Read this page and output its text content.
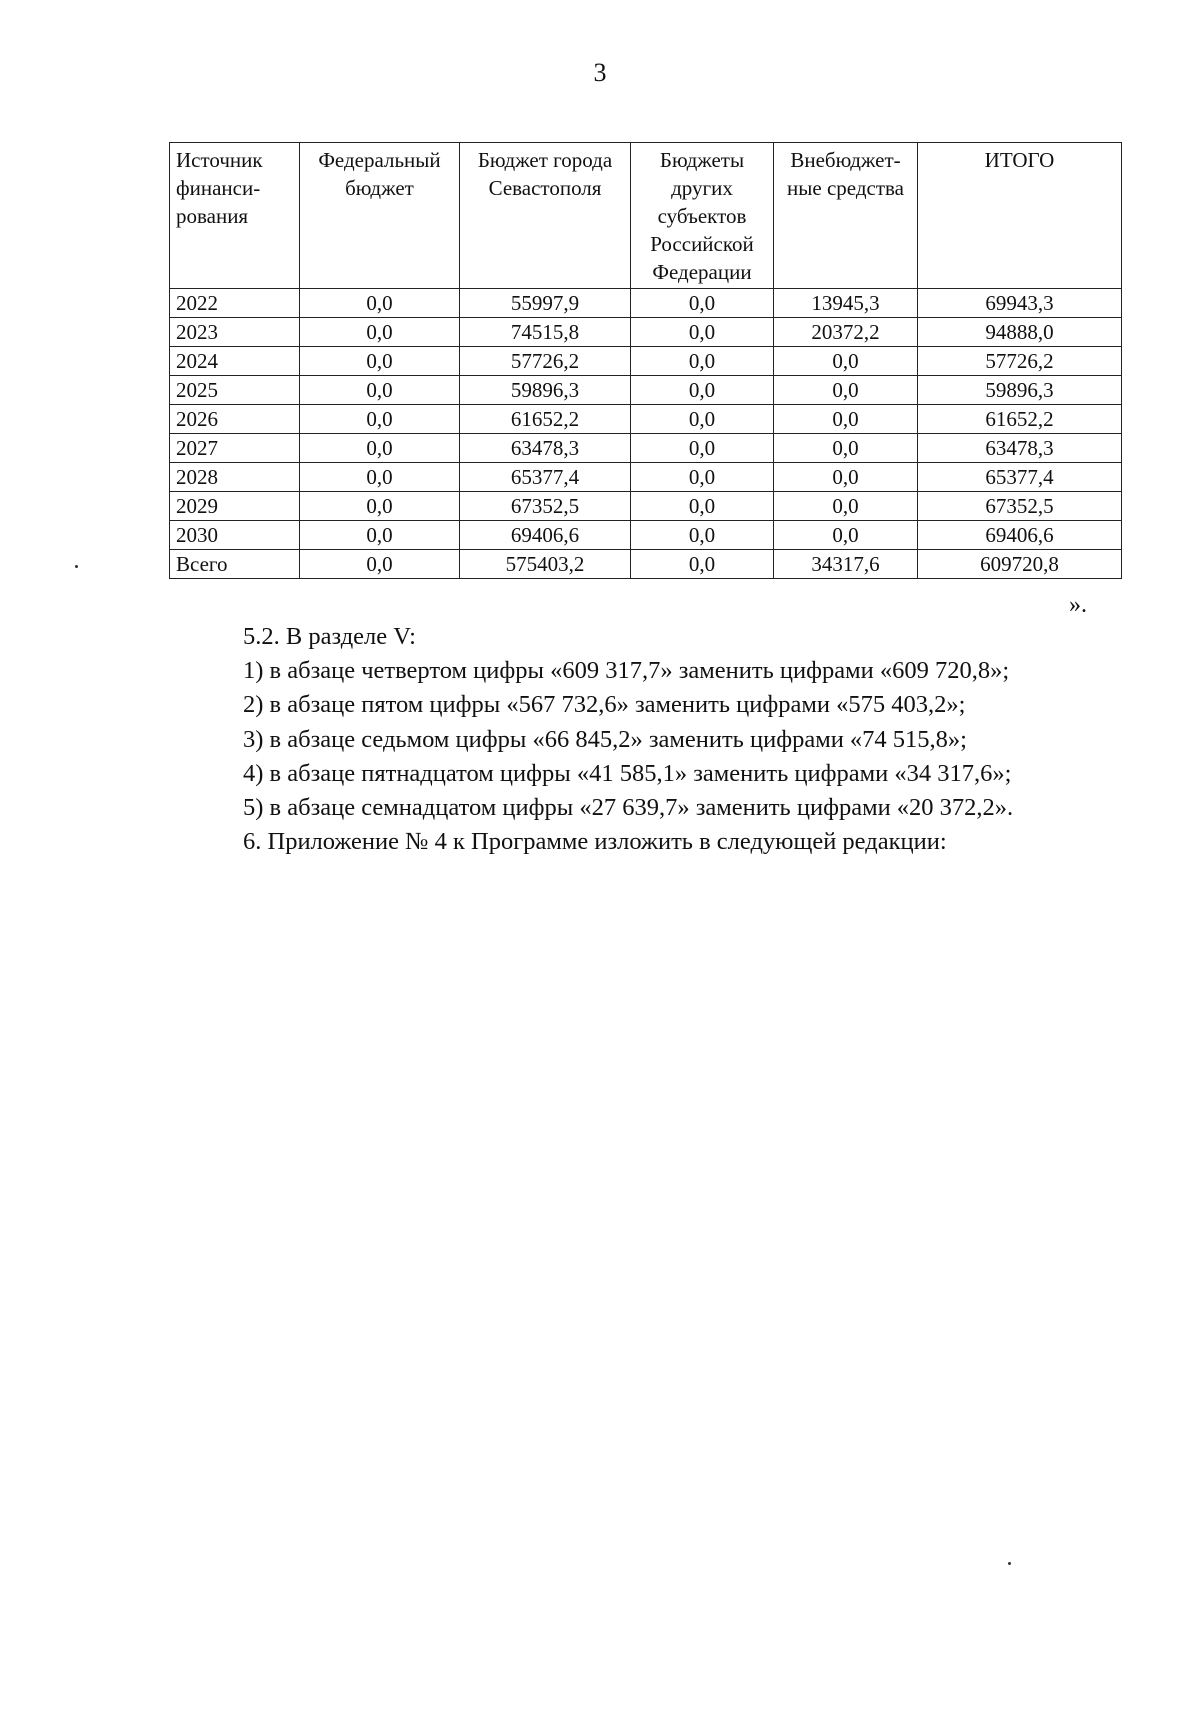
3
Источник финанси- рования	Федеральный бюджет	Бюджет города Севастополя	Бюджеты других субъектов Российской Федерации	Внебюджет- ные средства	ИТОГО
2022	0,0	55997,9	0,0	13945,3	69943,3
2023	0,0	74515,8	0,0	20372,2	94888,0
2024	0,0	57726,2	0,0	0,0	57726,2
2025	0,0	59896,3	0,0	0,0	59896,3
2026	0,0	61652,2	0,0	0,0	61652,2
2027	0,0	63478,3	0,0	0,0	63478,3
2028	0,0	65377,4	0,0	0,0	65377,4
2029	0,0	67352,5	0,0	0,0	67352,5
2030	0,0	69406,6	0,0	0,0	69406,6
Всего	0,0	575403,2	0,0	34317,6	609720,8
».

5.2. В разделе V:

1) в абзаце четвертом цифры «609 317,7» заменить цифрами «609 720,8»;

2) в абзаце пятом цифры «567 732,6» заменить цифрами «575 403,2»;

3) в абзаце седьмом цифры «66 845,2» заменить цифрами «74 515,8»;

4) в абзаце пятнадцатом цифры «41 585,1» заменить цифрами «34 317,6»;

5) в абзаце семнадцатом цифры «27 639,7» заменить цифрами «20 372,2».

6. Приложение № 4 к Программе изложить в следующей редакции:
